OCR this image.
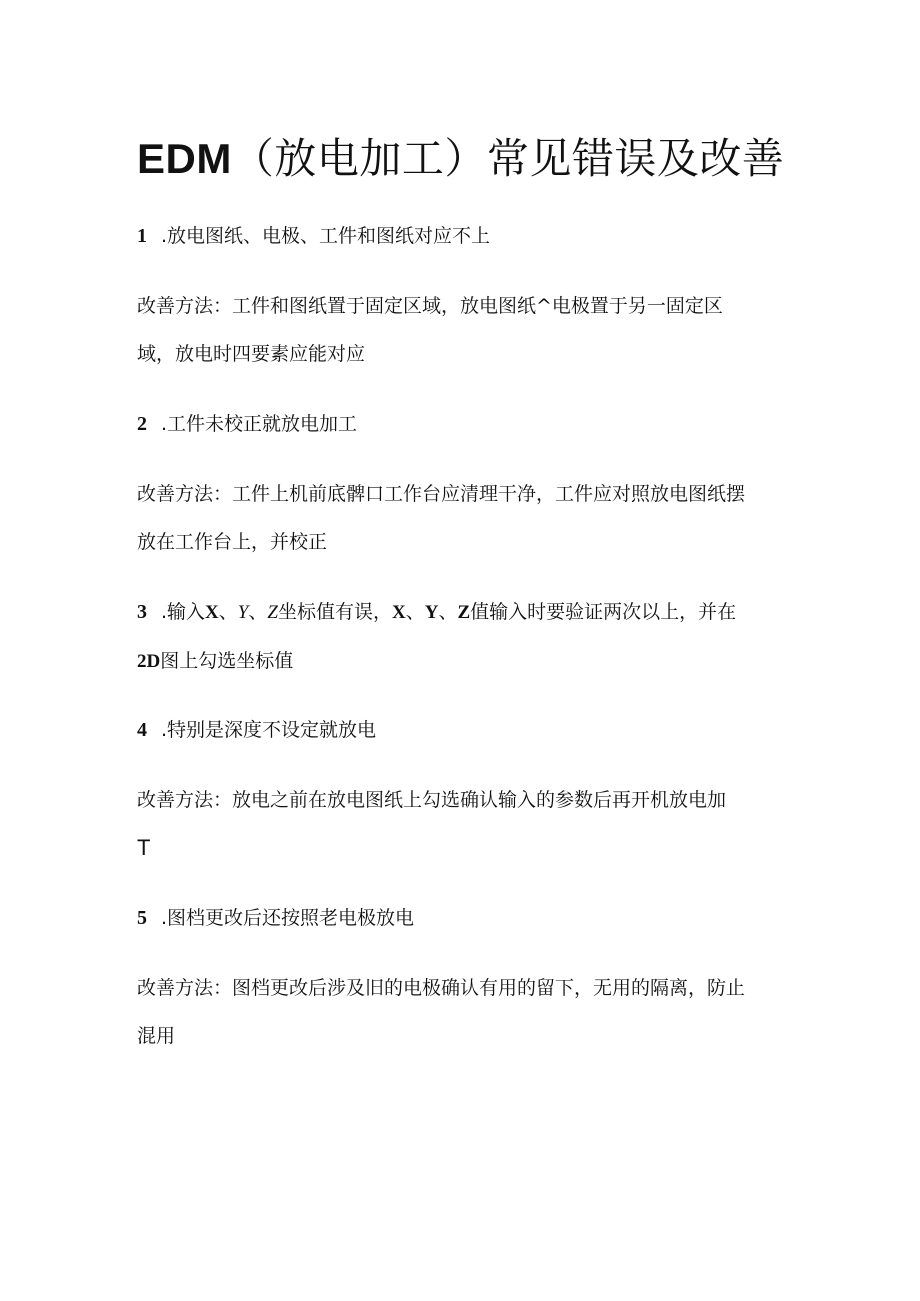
EDM（放电加工）常见错误及改善

1 .放电图纸、电极、工件和图纸对应不上

改善方法：工件和图纸置于固定区域，放电图纸^电极置于另一固定区
域，放电时四要素应能对应

2 .工件未校正就放电加工

改善方法：工件上机前底髀口工作台应清理干净，工件应对照放电图纸摆
放在工作台上，并校正

3 .输入X、Y、Z坐标值有误，X、Y、Z值输入时要验证两次以上，并在
2D图上勾选坐标值

4 .特别是深度不设定就放电

改善方法：放电之前在放电图纸上勾选确认输入的参数后再开机放电加
T

5 .图档更改后还按照老电极放电

改善方法：图档更改后涉及旧的电极确认有用的留下，无用的隔离，防止
混用
